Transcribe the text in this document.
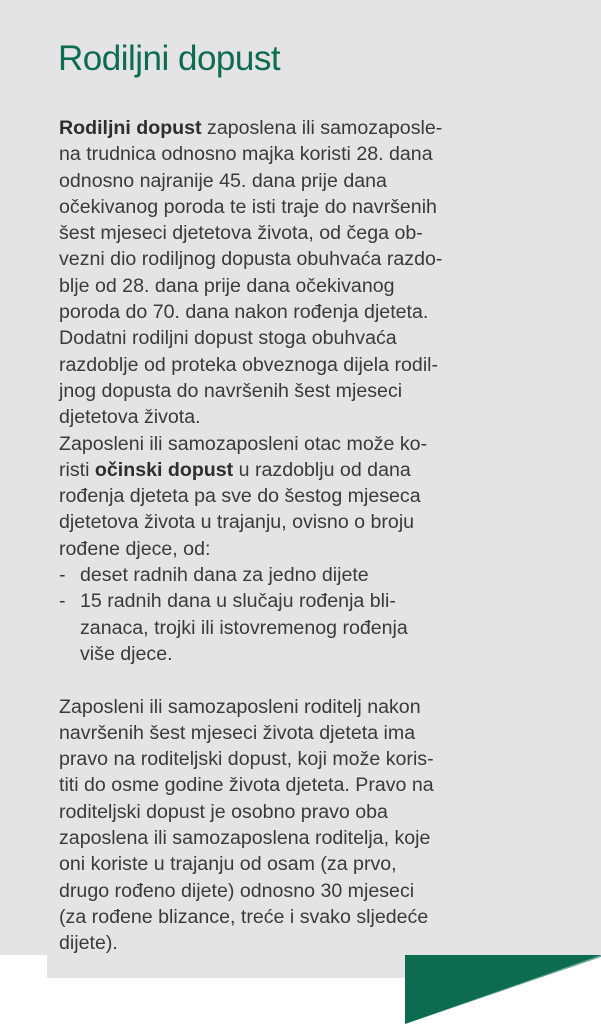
Rodiljni dopust
Rodiljni dopust zaposlena ili samozaposle-
na trudnica odnosno majka koristi 28. dana
odnosno najranije 45. dana prije dana
očekivanog poroda te isti traje do navršenih
šest mjeseci djetetova života, od čega ob-
vezni dio rodiljnog dopusta obuhvaća razdo-
blje od 28. dana prije dana očekivanog
poroda do 70. dana nakon rođenja djeteta.
Dodatni rodiljni dopust stoga obuhvaća
razdoblje od proteka obveznoga dijela rodil-
jnog dopusta do navršenih šest mjeseci
djetetova života.
Zaposleni ili samozaposleni otac može ko-
risti očinski dopust u razdoblju od dana
rođenja djeteta pa sve do šestog mjeseca
djetetova života u trajanju, ovisno o broju
rođene djece, od:
- deset radnih dana za jedno dijete
- 15 radnih dana u slučaju rođenja bli-
zanaca, trojki ili istovremenog rođenja
više djece.
Zaposleni ili samozaposleni roditelj nakon
navršenih šest mjeseci života djeteta ima
pravo na roditeljski dopust, koji može koris-
titi do osme godine života djeteta. Pravo na
roditeljski dopust je osobno pravo oba
zaposlena ili samozaposlena roditelja, koje
oni koriste u trajanju od osam (za prvo,
drugo rođeno dijete) odnosno 30 mjeseci
(za rođene blizance, treće i svako sljedeće
dijete).
